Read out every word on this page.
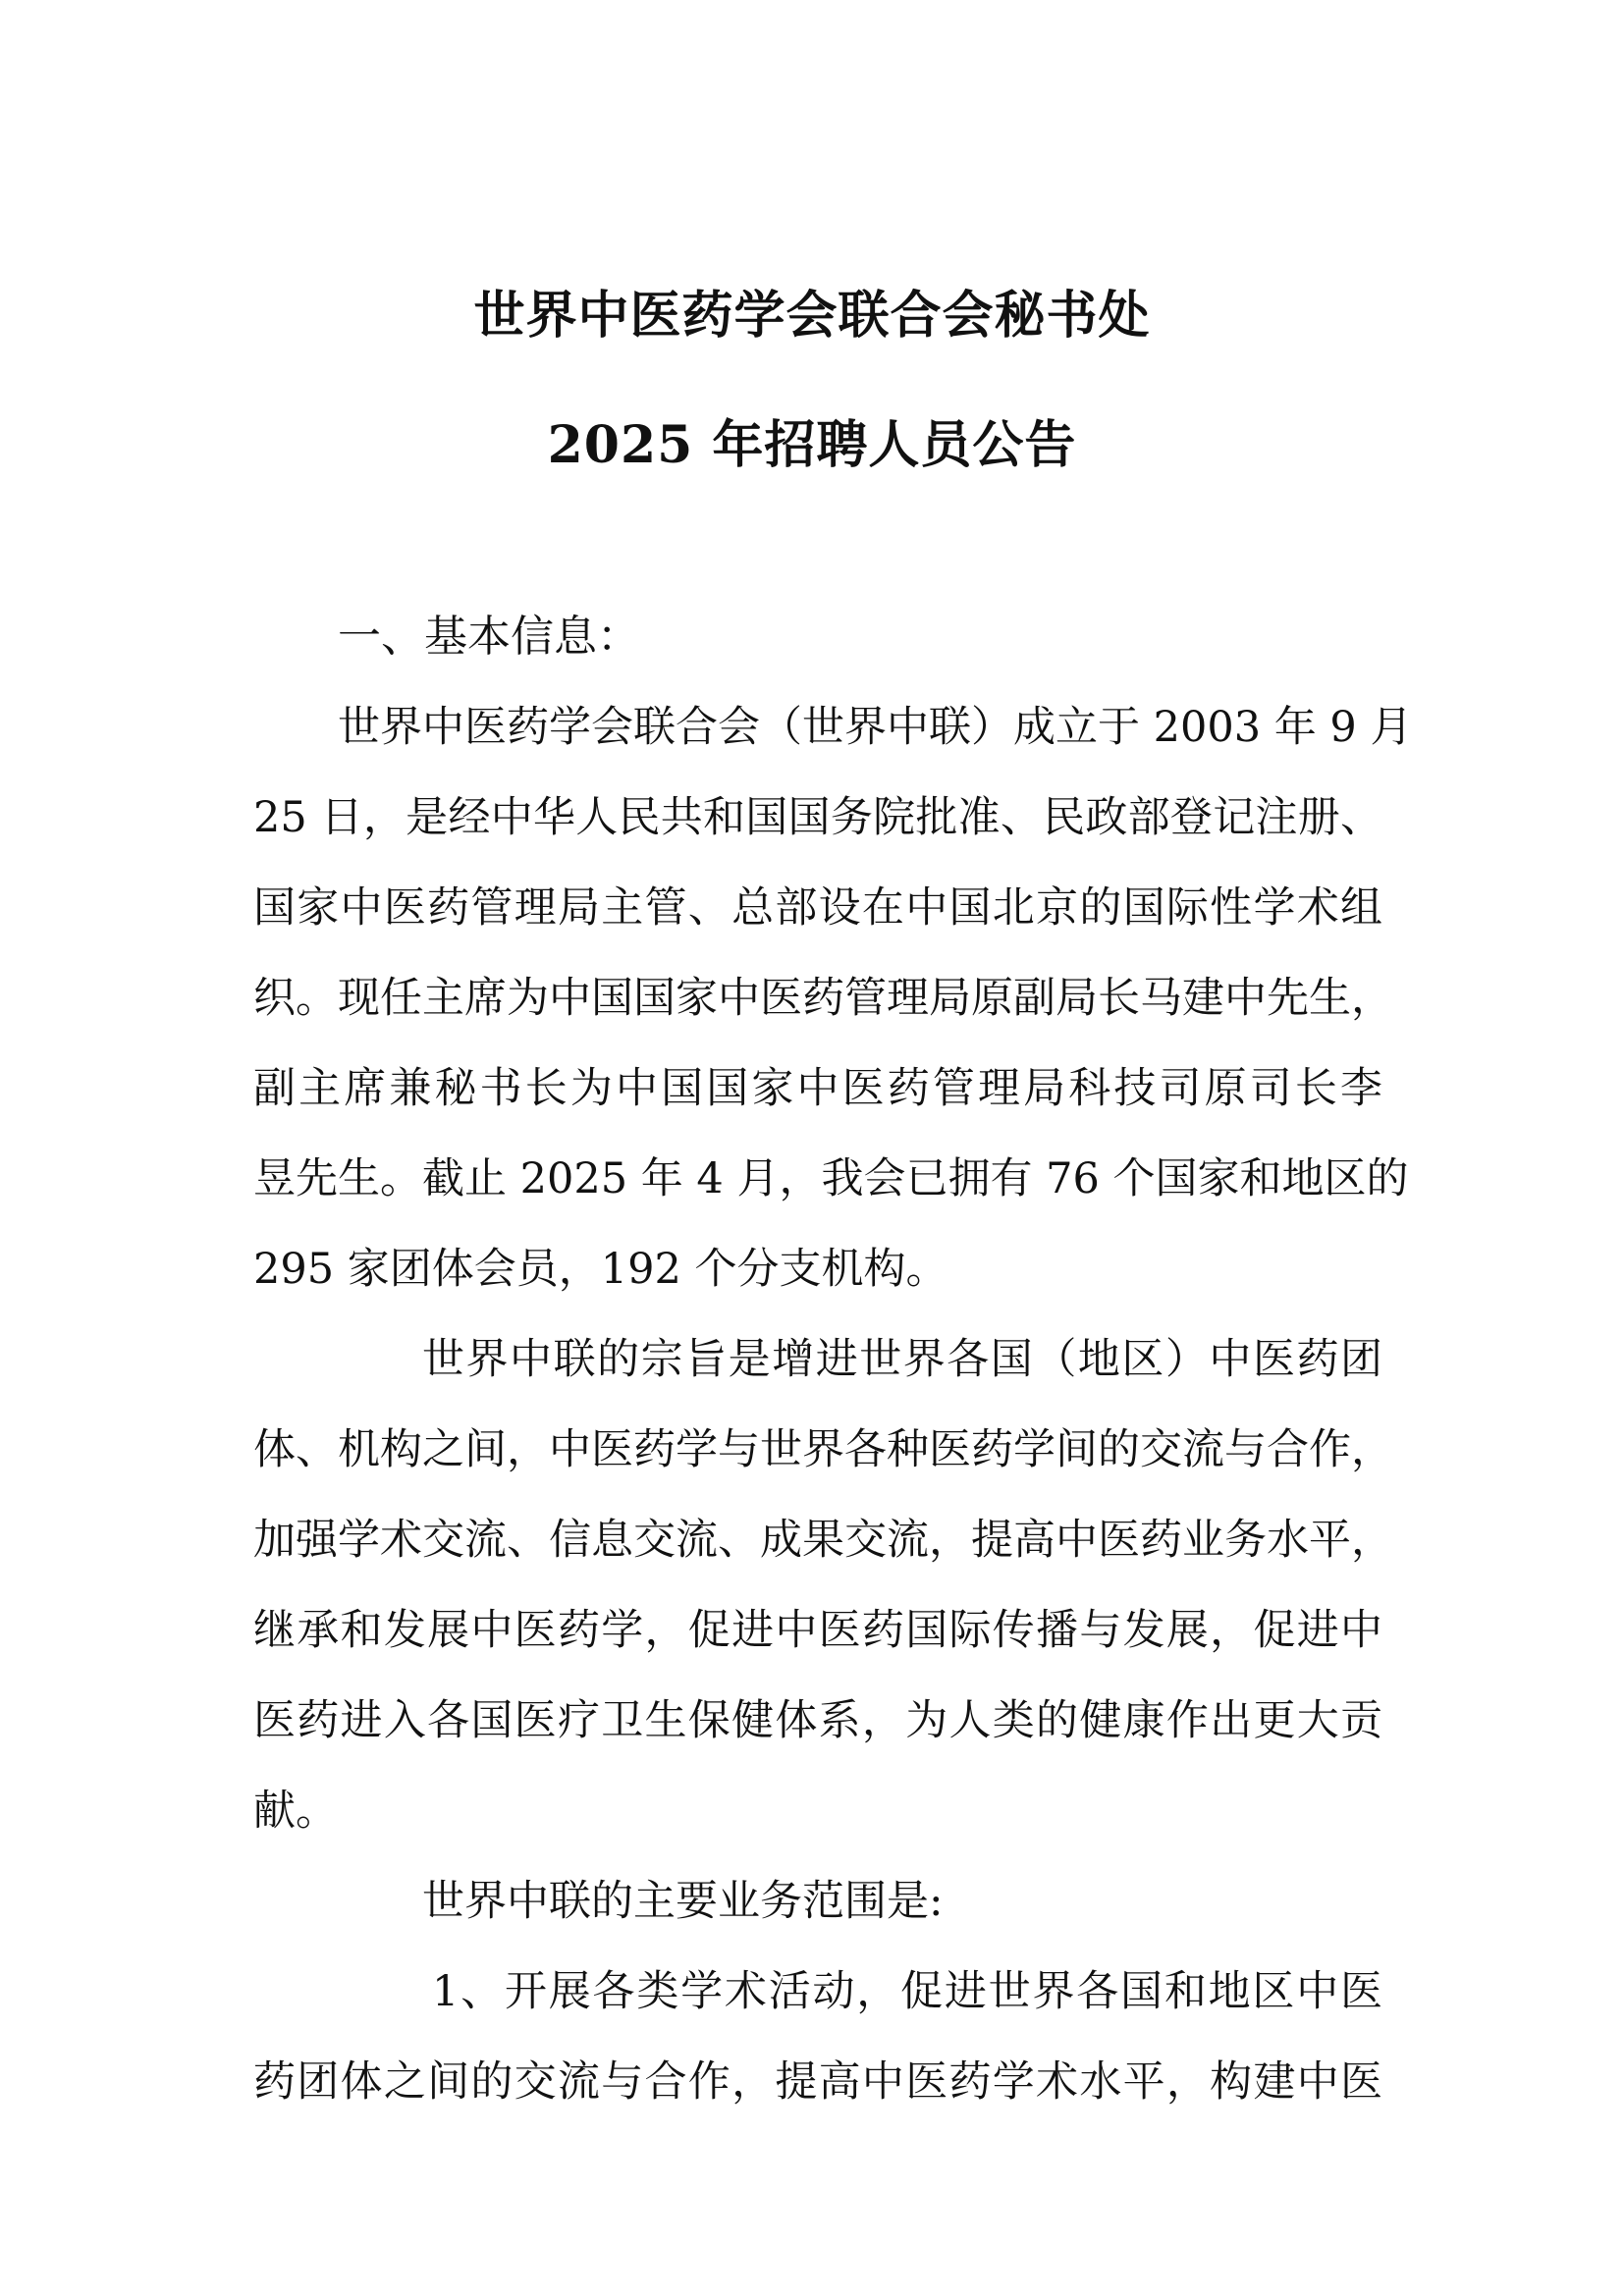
世界中医药学会联合会秘书处
2025 年招聘人员公告
一、基本信息：
世界中医药学会联合会（世界中联）成立于 2003 年 9 月
25 日，是经中华人民共和国国务院批准、民政部登记注册、
国家中医药管理局主管、总部设在中国北京的国际性学术组
织。现任主席为中国国家中医药管理局原副局长马建中先生，
副主席兼秘书长为中国国家中医药管理局科技司原司长李
昱先生。截止 2025 年 4 月，我会已拥有 76 个国家和地区的
295 家团体会员，192 个分支机构。
世界中联的宗旨是增进世界各国（地区）中医药团
体、机构之间，中医药学与世界各种医药学间的交流与合作，
加强学术交流、信息交流、成果交流，提高中医药业务水平，
继承和发展中医药学，促进中医药国际传播与发展，促进中
医药进入各国医疗卫生保健体系，为人类的健康作出更大贡
献。
世界中联的主要业务范围是:
1、开展各类学术活动，促进世界各国和地区中医
药团体之间的交流与合作，提高中医药学术水平，构建中医
